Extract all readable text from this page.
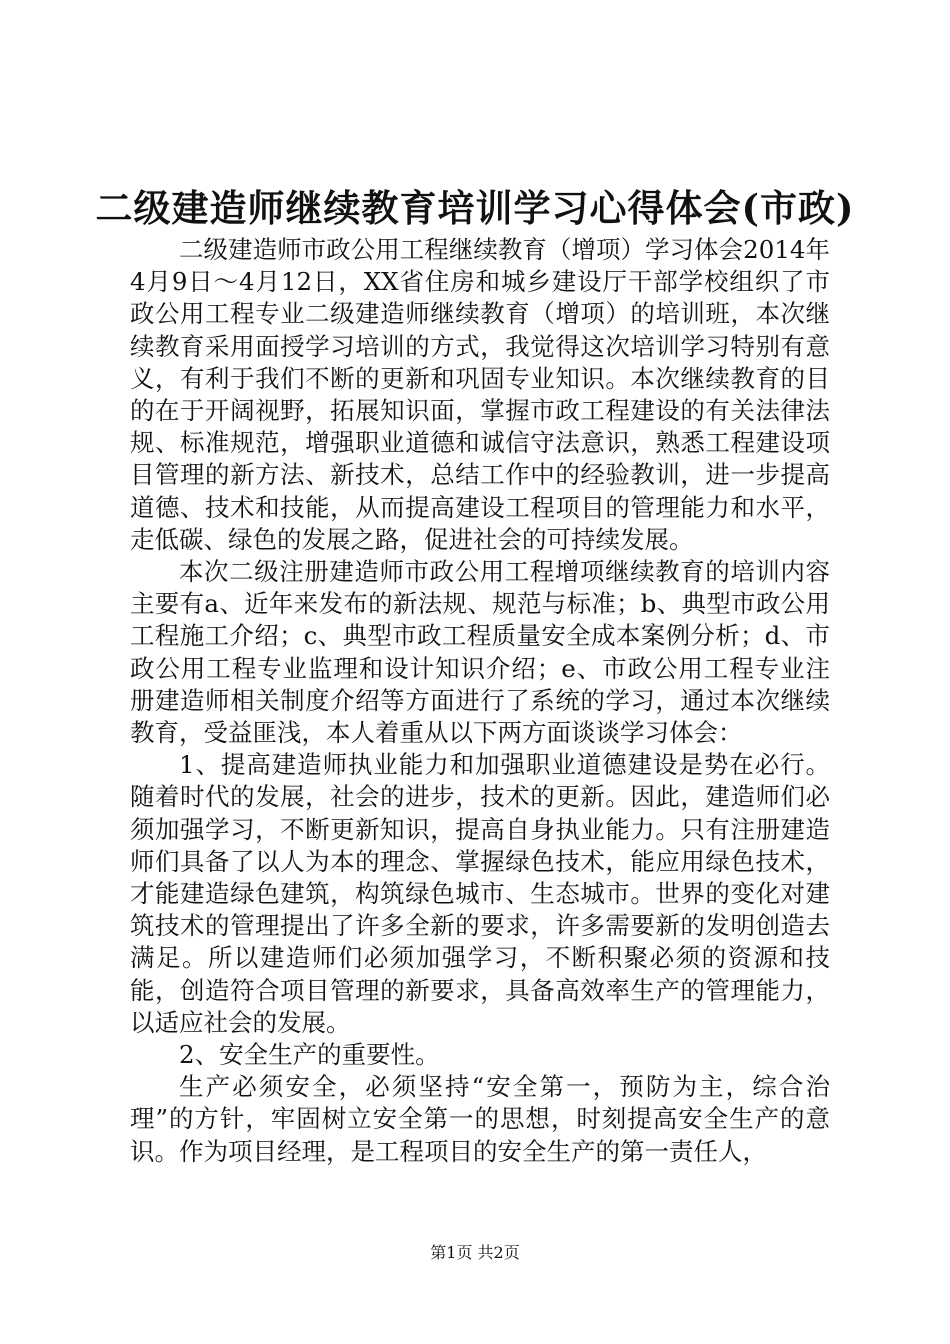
二级建造师继续教育培训学习心得体会(市政)

二级建造师市政公用工程继续教育（增项）学习体会2014年4月9日～4月12日，XX省住房和城乡建设厅干部学校组织了市政公用工程专业二级建造师继续教育（增项）的培训班，本次继续教育采用面授学习培训的方式，我觉得这次培训学习特别有意义，有利于我们不断的更新和巩固专业知识。本次继续教育的目的在于开阔视野，拓展知识面，掌握市政工程建设的有关法律法规、标准规范，增强职业道德和诚信守法意识，熟悉工程建设项目管理的新方法、新技术，总结工作中的经验教训，进一步提高道德、技术和技能，从而提高建设工程项目的管理能力和水平，走低碳、绿色的发展之路，促进社会的可持续发展。

本次二级注册建造师市政公用工程增项继续教育的培训内容主要有a、近年来发布的新法规、规范与标准；b、典型市政公用工程施工介绍；c、典型市政工程质量安全成本案例分析；d、市政公用工程专业监理和设计知识介绍；e、市政公用工程专业注册建造师相关制度介绍等方面进行了系统的学习，通过本次继续教育，受益匪浅，本人着重从以下两方面谈谈学习体会：

1、提高建造师执业能力和加强职业道德建设是势在必行。随着时代的发展，社会的进步，技术的更新。因此，建造师们必须加强学习，不断更新知识，提高自身执业能力。只有注册建造师们具备了以人为本的理念、掌握绿色技术，能应用绿色技术，才能建造绿色建筑，构筑绿色城市、生态城市。世界的变化对建筑技术的管理提出了许多全新的要求，许多需要新的发明创造去满足。所以建造师们必须加强学习，不断积聚必须的资源和技能，创造符合项目管理的新要求，具备高效率生产的管理能力，以适应社会的发展。

2、安全生产的重要性。

生产必须安全，必须坚持“安全第一，预防为主，综合治理”的方针，牢固树立安全第一的思想，时刻提高安全生产的意识。作为项目经理，是工程项目的安全生产的第一责任人，

第1页 共2页
